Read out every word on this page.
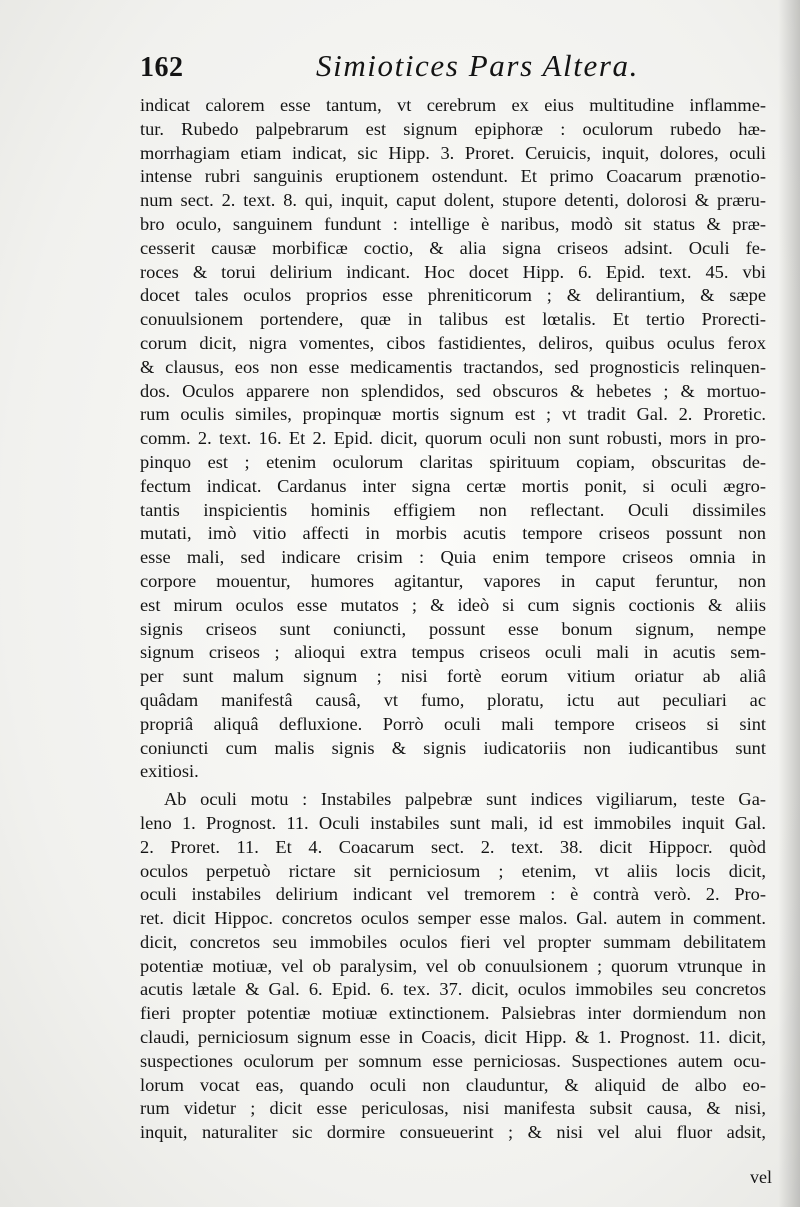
162	Simiotices Pars Altera.
indicat calorem esse tantum, vt cerebrum ex eius multitudine inflamme-
tur. Rubedo palpebrarum est signum epiphoræ : oculorum rubedo hæ-
morrhagiam etiam indicat, sic Hipp. 3. Proret. Ceruicis, inquit, dolores, oculi
intense rubri sanguinis eruptionem ostendunt. Et primo Coacarum prænotio-
num sect. 2. text. 8. qui, inquit, caput dolent, stupore detenti, dolorosi & præru-
bro oculo, sanguinem fundunt : intellige è naribus, modò sit status & præ-
cesserit causæ morbificæ coctio, & alia signa criseos adsint. Oculi fe-
roces & torui delirium indicant. Hoc docet Hipp. 6. Epid. text. 45. vbi
docet tales oculos proprios esse phreniticorum ; & delirantium, & sæpe
conuulsionem portendere, quæ in talibus est lœtalis. Et tertio Prorecti-
corum dicit, nigra vomentes, cibos fastidientes, deliros, quibus oculus ferox
& clausus, eos non esse medicamentis tractandos, sed prognosticis relinquen-
dos. Oculos apparere non splendidos, sed obscuros & hebetes ; & mortuo-
rum oculis similes, propinquæ mortis signum est ; vt tradit Gal. 2. Proretic.
comm. 2. text. 16. Et 2. Epid. dicit, quorum oculi non sunt robusti, mors in pro-
pinquo est ; etenim oculorum claritas spirituum copiam, obscuritas de-
fectum indicat. Cardanus inter signa certæ mortis ponit, si oculi ægro-
tantis inspicientis hominis effigiem non reflectant. Oculi dissimiles
mutati, imò vitio affecti in morbis acutis tempore criseos possunt non
esse mali, sed indicare crisim : Quia enim tempore criseos omnia in
corpore mouentur, humores agitantur, vapores in caput feruntur, non
est mirum oculos esse mutatos ; & ideò si cum signis coctionis & aliis
signis criseos sunt coniuncti, possunt esse bonum signum, nempe
signum criseos ; alioqui extra tempus criseos oculi mali in acutis sem-
per sunt malum signum ; nisi fortè eorum vitium oriatur ab aliâ
quâdam manifestâ causâ, vt fumo, ploratu, ictu aut peculiari ac
propriâ aliquâ defluxione. Porrò oculi mali tempore criseos si sint
coniuncti cum malis signis & signis iudicatoriis non iudicantibus sunt
exitiosi.
Ab oculi motu : Instabiles palpebræ sunt indices vigiliarum, teste Ga-
leno 1. Prognost. 11. Oculi instabiles sunt mali, id est immobiles inquit Gal.
2. Proret. 11. Et 4. Coacarum sect. 2. text. 38. dicit Hippocr. quòd
oculos perpetuò rictare sit perniciosum ; etenim, vt aliis locis dicit,
oculi instabiles delirium indicant vel tremorem : è contrà verò. 2. Pro-
ret. dicit Hippoc. concretos oculos semper esse malos. Gal. autem in comment.
dicit, concretos seu immobiles oculos fieri vel propter summam debilitatem
potentiæ motiuæ, vel ob paralysim, vel ob conuulsionem ; quorum vtrunque in
acutis lætale & Gal. 6. Epid. 6. tex. 37. dicit, oculos immobiles seu concretos
fieri propter potentiæ motiuæ extinctionem. Palsiebras inter dormiendum non
claudi, perniciosum signum esse in Coacis, dicit Hipp. & 1. Prognost. 11. dicit,
suspectiones oculorum per somnum esse perniciosas. Suspectiones autem ocu-
lorum vocat eas, quando oculi non clauduntur, & aliquid de albo eo-
rum videtur ; dicit esse periculosas, nisi manifesta subsit causa, & nisi,
inquit, naturaliter sic dormire consueuerint ; & nisi vel alui fluor adsit,
vel
